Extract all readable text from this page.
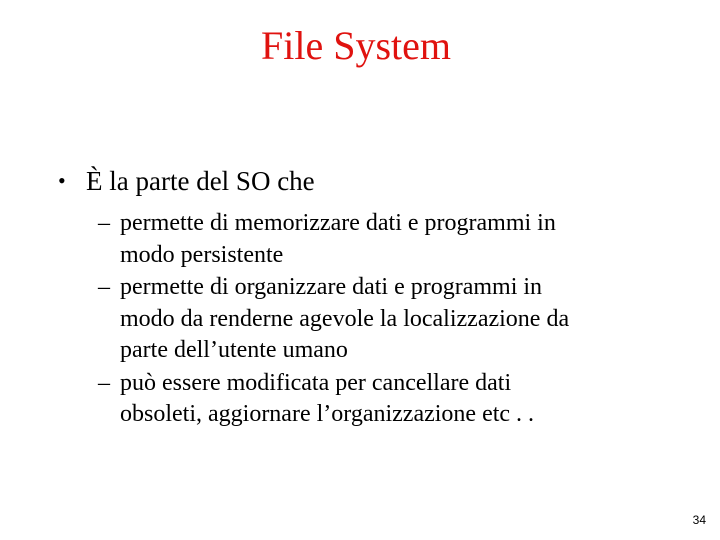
File System
• È la parte del SO che
– permette di memorizzare dati e programmi in
modo persistente
– permette di organizzare dati e programmi in
modo da renderne agevole la localizzazione da
parte dell’utente umano
– può essere modificata per cancellare dati
obsoleti, aggiornare l’organizzazione etc . .
34
